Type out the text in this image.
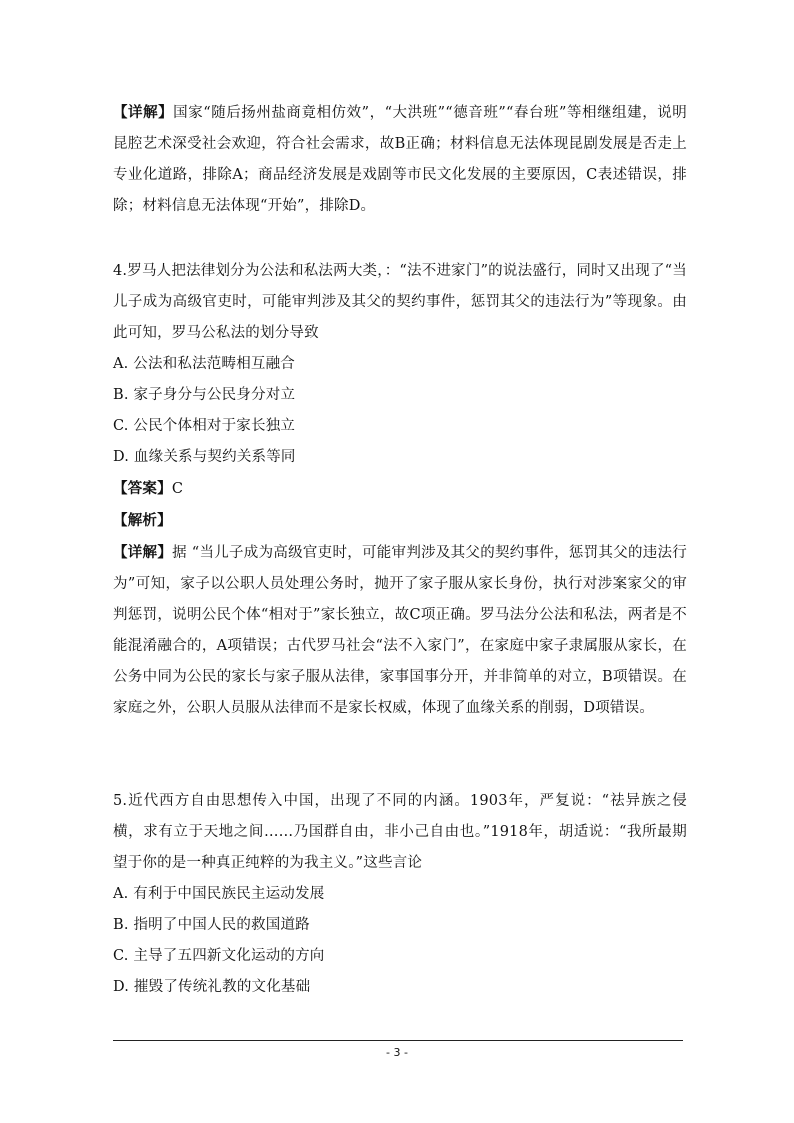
【详解】国家“随后扬州盐商竟相仿效”，“大洪班”“德音班”“春台班”等相继组建，说明昆腔艺术深受社会欢迎，符合社会需求，故B正确；材料信息无法体现昆剧发展是否走上专业化道路，排除A；商品经济发展是戏剧等市民文化发展的主要原因，C表述错误，排除；材料信息无法体现“开始”，排除D。

4.罗马人把法律划分为公法和私法两大类，：“法不进家门”的说法盛行，同时又出现了“当儿子成为高级官吏时，可能审判涉及其父的契约事件，惩罚其父的违法行为”等现象。由此可知，罗马公私法的划分导致

A. 公法和私法范畴相互融合

B. 家子身分与公民身分对立

C. 公民个体相对于家长独立

D. 血缘关系与契约关系等同

【答案】C

【解析】

【详解】据 “当儿子成为高级官吏时，可能审判涉及其父的契约事件，惩罚其父的违法行为”可知，家子以公职人员处理公务时，抛开了家子服从家长身份，执行对涉案家父的审判惩罚，说明公民个体“相对于”家长独立，故C项正确。罗马法分公法和私法，两者是不能混淆融合的，A项错误；古代罗马社会“法不入家门”，在家庭中家子隶属服从家长，在公务中同为公民的家长与家子服从法律，家事国事分开，并非简单的对立，B项错误。在家庭之外，公职人员服从法律而不是家长权威，体现了血缘关系的削弱，D项错误。

5.近代西方自由思想传入中国，出现了不同的内涵。1903年，严复说：“祛异族之侵横，求有立于天地之间……乃国群自由，非小己自由也。”1918年，胡适说：“我所最期望于你的是一种真正纯粹的为我主义。”这些言论

A. 有利于中国民族民主运动发展

B. 指明了中国人民的救国道路

C. 主导了五四新文化运动的方向

D. 摧毁了传统礼教的文化基础

- 3 -
